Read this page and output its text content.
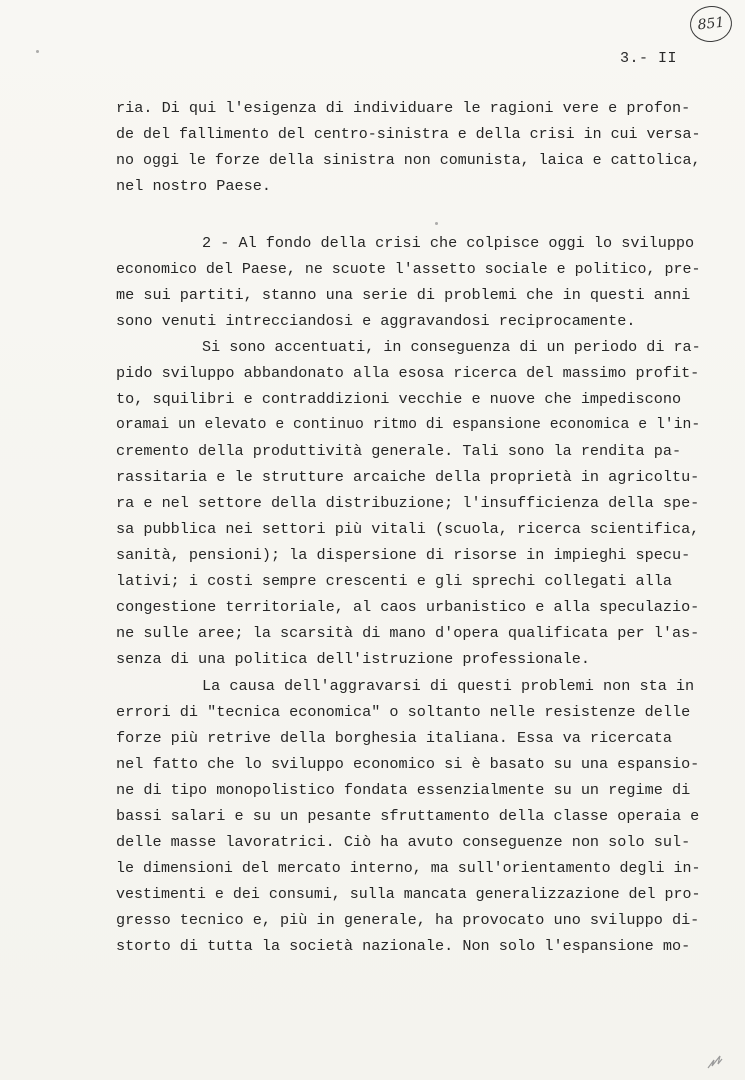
851
3.- II
ria. Di qui l'esigenza di individuare le ragioni vere e profon-
de del fallimento del centro-sinistra e della crisi in cui versa-
no oggi le forze della sinistra non comunista, laica e cattolica,
nel nostro Paese.
2 - Al fondo della crisi che colpisce oggi lo sviluppo
economico del Paese, ne scuote l'assetto sociale e politico, pre-
me sui partiti, stanno una serie di problemi che in questi anni
sono venuti intrecciandosi e aggravandosi reciprocamente.
Si sono accentuati, in conseguenza di un periodo di ra-
pido sviluppo abbandonato alla esosa ricerca del massimo profit-
to, squilibri e contraddizioni vecchie e nuove che impediscono
oramai un elevato e continuo ritmo di espansione economica e l'in-
cremento della produttività generale. Tali sono la rendita pa-
rassitaria e le strutture arcaiche della proprietà in agricoltu-
ra e nel settore della distribuzione; l'insufficienza della spe-
sa pubblica nei settori più vitali (scuola, ricerca scientifica,
sanità, pensioni); la dispersione di risorse in impieghi specu-
lativi; i costi sempre crescenti e gli sprechi collegati alla
congestione territoriale, al caos urbanistico e alla speculazio-
ne sulle aree; la scarsità di mano d'opera qualificata per l'as-
senza di una politica dell'istruzione professionale.
La causa dell'aggravarsi di questi problemi non sta in
errori di "tecnica economica" o soltanto nelle resistenze delle
forze più retrive della borghesia italiana. Essa va ricercata
nel fatto che lo sviluppo economico si è basato su una espansio-
ne di tipo monopolistico fondata essenzialmente su un regime di
bassi salari e su un pesante sfruttamento della classe operaia e
delle masse lavoratrici. Ciò ha avuto conseguenze non solo sul-
le dimensioni del mercato interno, ma sull'orientamento degli in-
vestimenti e dei consumi, sulla mancata generalizzazione del pro-
gresso tecnico e, più in generale, ha provocato uno sviluppo di-
storto di tutta la società nazionale. Non solo l'espansione mo-
